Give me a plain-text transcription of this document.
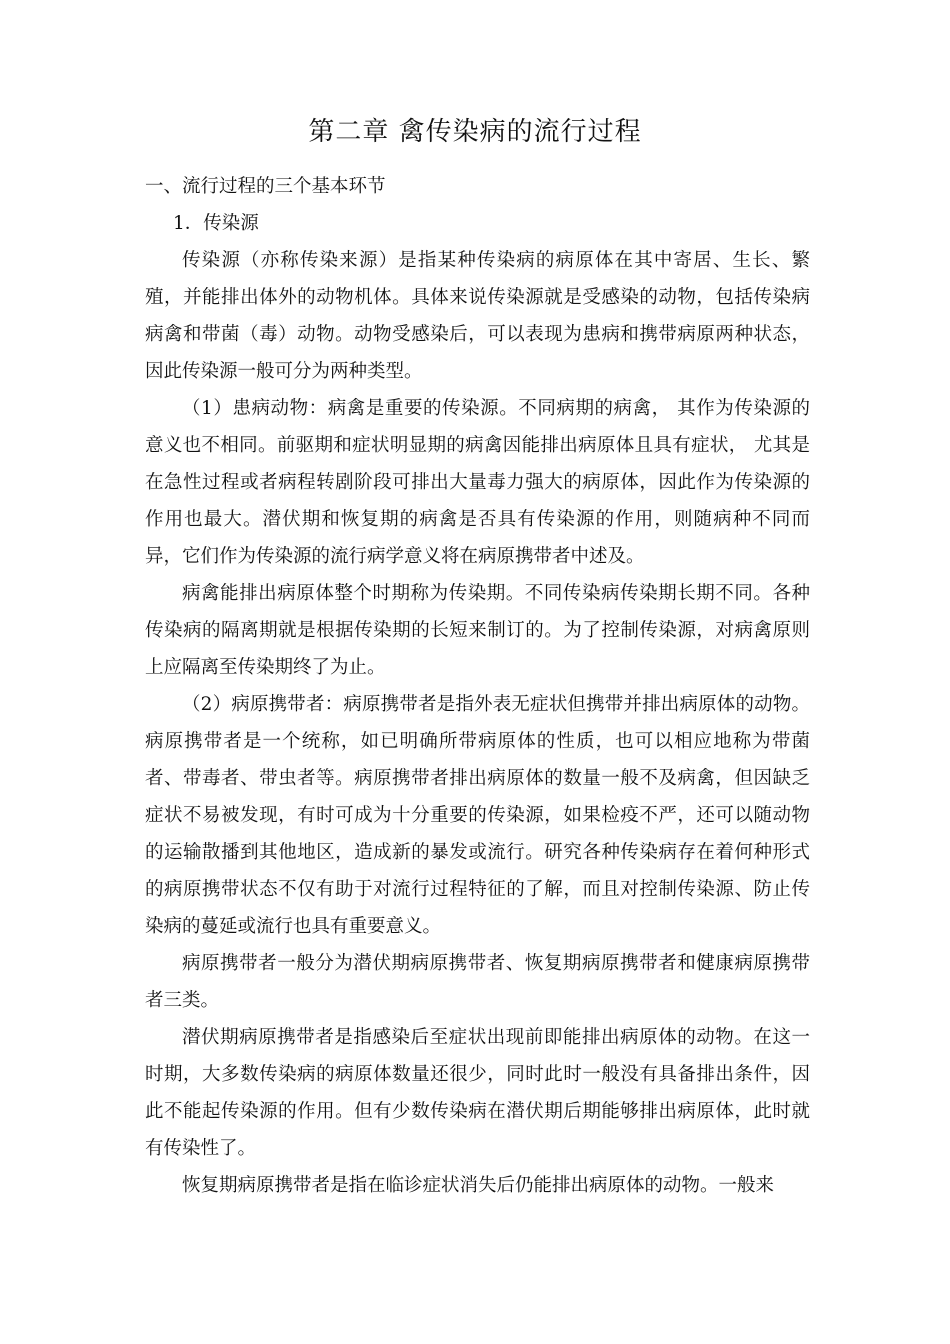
第二章 禽传染病的流行过程

一、流行过程的三个基本环节

1．传染源

传染源（亦称传染来源）是指某种传染病的病原体在其中寄居、生长、繁殖，并能排出体外的动物机体。具体来说传染源就是受感染的动物，包括传染病病禽和带菌（毒）动物。动物受感染后，可以表现为患病和携带病原两种状态，因此传染源一般可分为两种类型。

（1）患病动物：病禽是重要的传染源。不同病期的病禽， 其作为传染源的意义也不相同。前驱期和症状明显期的病禽因能排出病原体且具有症状， 尤其是在急性过程或者病程转剧阶段可排出大量毒力强大的病原体，因此作为传染源的作用也最大。潜伏期和恢复期的病禽是否具有传染源的作用，则随病种不同而异，它们作为传染源的流行病学意义将在病原携带者中述及。

病禽能排出病原体整个时期称为传染期。不同传染病传染期长期不同。各种传染病的隔离期就是根据传染期的长短来制订的。为了控制传染源，对病禽原则上应隔离至传染期终了为止。

（2）病原携带者：病原携带者是指外表无症状但携带并排出病原体的动物。病原携带者是一个统称，如已明确所带病原体的性质，也可以相应地称为带菌者、带毒者、带虫者等。病原携带者排出病原体的数量一般不及病禽，但因缺乏症状不易被发现，有时可成为十分重要的传染源，如果检疫不严，还可以随动物的运输散播到其他地区，造成新的暴发或流行。研究各种传染病存在着何种形式的病原携带状态不仅有助于对流行过程特征的了解，而且对控制传染源、防止传染病的蔓延或流行也具有重要意义。

病原携带者一般分为潜伏期病原携带者、恢复期病原携带者和健康病原携带者三类。

潜伏期病原携带者是指感染后至症状出现前即能排出病原体的动物。在这一时期，大多数传染病的病原体数量还很少，同时此时一般没有具备排出条件，因此不能起传染源的作用。但有少数传染病在潜伏期后期能够排出病原体，此时就有传染性了。

恢复期病原携带者是指在临诊症状消失后仍能排出病原体的动物。一般来
